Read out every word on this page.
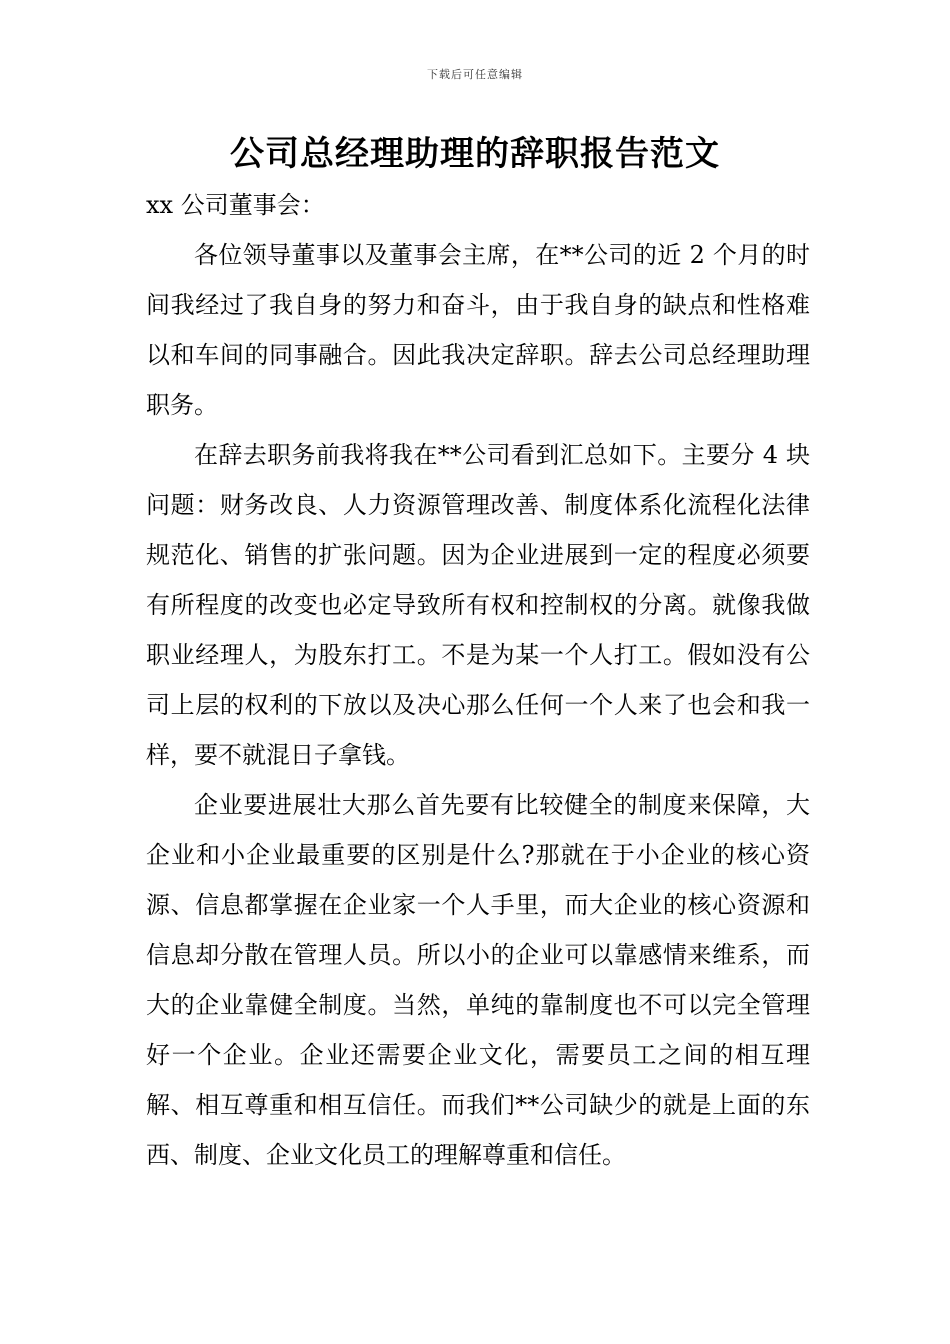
下载后可任意编辑
公司总经理助理的辞职报告范文

xx 公司董事会：

各位领导董事以及董事会主席，在**公司的近 2 个月的时间我经过了我自身的努力和奋斗，由于我自身的缺点和性格难以和车间的同事融合。因此我决定辞职。辞去公司总经理助理职务。

在辞去职务前我将我在**公司看到汇总如下。主要分 4 块问题：财务改良、人力资源管理改善、制度体系化流程化法律规范化、销售的扩张问题。因为企业进展到一定的程度必须要有所程度的改变也必定导致所有权和控制权的分离。就像我做职业经理人，为股东打工。不是为某一个人打工。假如没有公司上层的权利的下放以及决心那么任何一个人来了也会和我一样，要不就混日子拿钱。

企业要进展壮大那么首先要有比较健全的制度来保障，大企业和小企业最重要的区别是什么?那就在于小企业的核心资源、信息都掌握在企业家一个人手里，而大企业的核心资源和信息却分散在管理人员。所以小的企业可以靠感情来维系，而大的企业靠健全制度。当然，单纯的靠制度也不可以完全管理好一个企业。企业还需要企业文化，需要员工之间的相互理解、相互尊重和相互信任。而我们**公司缺少的就是上面的东西、制度、企业文化员工的理解尊重和信任。
